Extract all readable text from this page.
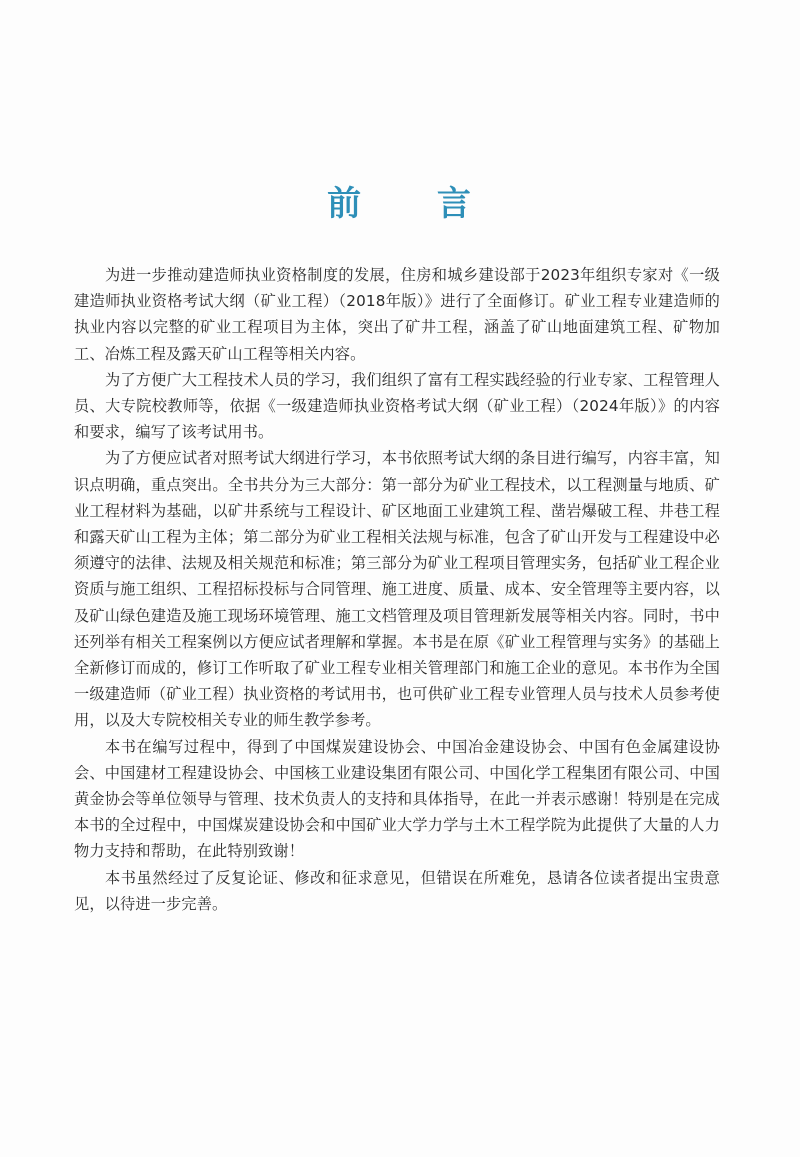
前 言

为进一步推动建造师执业资格制度的发展，住房和城乡建设部于2023年组织专家对《一级建造师执业资格考试大纲（矿业工程）（2018年版）》进行了全面修订。矿业工程专业建造师的执业内容以完整的矿业工程项目为主体，突出了矿井工程，涵盖了矿山地面建筑工程、矿物加工、冶炼工程及露天矿山工程等相关内容。

为了方便广大工程技术人员的学习，我们组织了富有工程实践经验的行业专家、工程管理人员、大专院校教师等，依据《一级建造师执业资格考试大纲（矿业工程）（2024年版）》的内容和要求，编写了该考试用书。

为了方便应试者对照考试大纲进行学习，本书依照考试大纲的条目进行编写，内容丰富，知识点明确，重点突出。全书共分为三大部分：第一部分为矿业工程技术，以工程测量与地质、矿业工程材料为基础，以矿井系统与工程设计、矿区地面工业建筑工程、凿岩爆破工程、井巷工程和露天矿山工程为主体；第二部分为矿业工程相关法规与标准，包含了矿山开发与工程建设中必须遵守的法律、法规及相关规范和标准；第三部分为矿业工程项目管理实务，包括矿业工程企业资质与施工组织、工程招标投标与合同管理、施工进度、质量、成本、安全管理等主要内容，以及矿山绿色建造及施工现场环境管理、施工文档管理及项目管理新发展等相关内容。同时，书中还列举有相关工程案例以方便应试者理解和掌握。本书是在原《矿业工程管理与实务》的基础上全新修订而成的，修订工作听取了矿业工程专业相关管理部门和施工企业的意见。本书作为全国一级建造师（矿业工程）执业资格的考试用书，也可供矿业工程专业管理人员与技术人员参考使用，以及大专院校相关专业的师生教学参考。

本书在编写过程中，得到了中国煤炭建设协会、中国冶金建设协会、中国有色金属建设协会、中国建材工程建设协会、中国核工业建设集团有限公司、中国化学工程集团有限公司、中国黄金协会等单位领导与管理、技术负责人的支持和具体指导，在此一并表示感谢！特别是在完成本书的全过程中，中国煤炭建设协会和中国矿业大学力学与土木工程学院为此提供了大量的人力物力支持和帮助，在此特别致谢！

本书虽然经过了反复论证、修改和征求意见，但错误在所难免，恳请各位读者提出宝贵意见，以待进一步完善。
